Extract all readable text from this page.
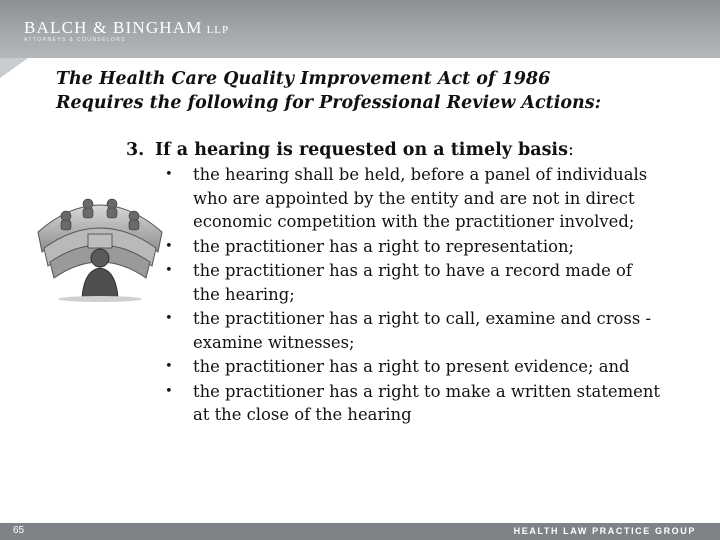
BALCH & BINGHAM LLP
ATTORNEYS & COUNSELORS
The Health Care Quality Improvement Act of 1986
Requires the following for Professional Review Actions:
3. If a hearing is requested on a timely basis:
• the hearing shall be held, before a panel of individuals who are appointed by the entity and are not in direct economic competition with the practitioner involved;
• the practitioner has a right to representation;
• the practitioner has a right to have a record made of the hearing;
• the practitioner has a right to call, examine and cross -examine witnesses;
• the practitioner has a right to present evidence; and
• the practitioner has a right to make a written statement at the close of the hearing
65	HEALTH LAW PRACTICE GROUP
